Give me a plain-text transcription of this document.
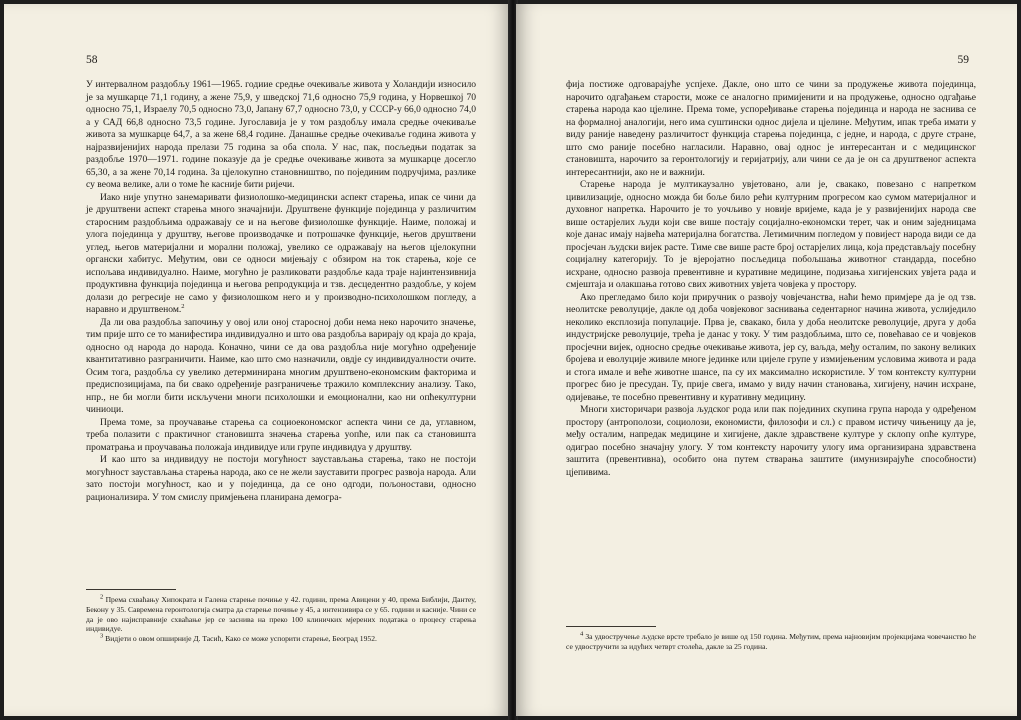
58

У интервалном раздобљу 1961—1965. годиие средње очекиваље живота у Холандији износило је за мушкарце 71,1 годину, а жене 75,9, у шведској 71,6 односно 75,9 година, у Норвешкој 70 односно 75,1, Израелу 70,5 односно 73,0, Јапану 67,7 односно 73,0, у СССР-у 66,0 односно 74,0 а у САД 66,8 односно 73,5 године. Југославија је у том раздобљу имала средње очекиваље живота за мушкарце 64,7, а за жене 68,4 године. Данашње средње очекиваље година живота у најразвијенијих народа прелази 75 година за оба спола. У нас, пак, посљедњи податак за раздобље 1970—1971. године показује да је средње очекивање живота за мушкарце досегло 65,30, а за жене 70,14 година. За цјелокупно становништво, по појединим подручјима, разлике су веома велике, али о томе ће касније бити ријечи.

Иако није упутно занемаривати физиолошко-медицински аспект старења, ипак се чини да је друштвени аспект старења много значајнији. Друштвене функције појединца у различитим старосним раздобљима одражавају се и на његове физиолошке функције. Наиме, положај и улога појединца у друштву, његове производачке и потрошачке функције, његов друштвени углед, његов материјални и морални положај, увелико се одражавају на његов цјелокупни органски хабитус. Међутим, ови се односи мијењају с обзиром на ток старења, које се испољава индивидуално. Наиме, могућно је разликовати раздобље када траје најинтензивнија продуктивна функција појединца и његова репродукција и тзв. десцедентно раздобље, у којем долази до регресије не само у физиолошком него и у производно-психолошком погледу, а наравно и друштвеном.$^2$

Да ли ова раздобља започињу у овој или оној старосној доби нема неко нарочито значење, тим прије што се то манифестира индивидуално и што ова раздобља варирају од краја до краја, односно од народа до народа. Коначно, чини се да ова раздобља није могућно одређеније квантитативно разграничити. Наиме, као што смо назначили, овдје су индивидуалности очите. Осим тога, раздобља су увелико детерминирана многим друштвено-економским факторима и предиспозицијама, па би свако одређеније разграничење тражило комплексниу анализу. Тако, нпр., не би могли бити искључени многи психолошки и емоционални, као ни опћекултурни чиниоци.

Према томе, за проучавање старења са социоекономског аспекта чини се да, углавном, треба полазити с практичног становишта значења старења уопће, или пак са становишта проматрања и проучавања положаја индивидуе или групе индивидуа у друштву.

И као што за индивидуу не постоји могућност заустављања старења, тако не постоји могућност заустављања старења народа, ако се не жели зауставити прогрес развоја народа. Али зато постоји могућност, као и у појединца, да се оно одгоди, пољоностави, односно рационализира. У том смислу примјењена планирана демогра-

2 Према схваћању Хипократа и Галена старење почиње у 42. години, према Авицени у 40, према Библији, Дантеу, Бекону у 35. Савремена геронтологија сматра да старење почиње у 45, а интензивира се у 65. години и касније. Чини се да је ово најисправније схваћање јер се заснива на преко 100 клиничких мјерених података о процесу старења индивидуе.

3 Видјети о овом опширније Д. Тасић, Како се може успорити старење, Београд 1952.

59

фија постиже одговарајуће успјехе. Дакле, оно што се чини за продужење живота појединца, нарочито одгађањем старости, може се аналогно примијенити и на продужење, односно одгађање старења народа као цјелине. Према томе, успоређивање старења појединца и народа не заснива се на формалној аналогији, него има суштински однос дијела и цјелине. Међутим, ипак треба имати у виду раније наведену различитост функција старења појединца, с једне, и народа, с друге стране, што смо раније посебно нагласили. Наравно, овај однос је интересантан и с медицинског становишта, нарочито за геронтологију и геријатрију, али чини се да је он са друштвеног аспекта интересантнији, ако не и важнији.

Старење народа је мултикаузално увјетовано, али је, свакако, повезано с напретком цивилизације, односно можда би боље било рећи културним прогресом као сумом материјалног и духовног напретка. Нарочито је то уочљиво у новије вријеме, када је у развијенијих народа све више остарјелих људи који све више постају социјално-економски терет, чак и оним заједницама које данас имају највећа материјална богатства. Летимичним погледом у повијест народа види се да просјечан људски вијек расте. Тиме све више расте број остарјелих лица, која представљају посебну социјалну категорију. То је вјеројатно посљедица побољшања животног стандарда, посебно исхране, односно развоја превентивне и куративне медицине, подизања хигијенских увјета рада и смјештаја и олакшања готово свих животних увјета човјека у простору.

Ако прегледамо било који приручник о развоју човјечанства, наћи ћемо примјере да је од тзв. неолитске револуције, дакле од доба човјековог заснивања седентарног начина живота, услиједило неколико експлозија популације. Прва је, свакако, била у доба неолитске револуције, друга у доба индустријске револуције, трећа је данас у току. У тим раздобљима, што се, повећавао се и човјеков просјечни вијек, односно средње очекивање живота, јер су, ваљда, међу осталим, по закону великих бројева и еволуције живиле многе јединке или цијеле групе у измијењеним условима живота и рада и стога имале и веће животне шансе, па су их максимално искористиле. У том контексту културни прогрес био је пресудан. Ту, прије свега, имамо у виду начин становања, хигијену, начин исхране, одијевање, те посебно превентивну и куративну медицину.

Многи хисторичари развоја људског рода или пак појединих скупина група народа у одређеном простору (антрополози, социолози, економисти, филозофи и сл.) с правом истичу чињеницу да је, међу осталим, напредак медицине и хигијене, дакле здравствене културе у склопу опће културе, одиграо посебно значајну улогу. У том контексту нарочиту улогу има организирана здравствена заштита (превентивна), особито она путем стварања заштите (имунизирајуће способности) цјепивима.

4 За удвостручење људске врсте требало је више од 150 година. Међутим, према најновијим пројекцијама човечанство ће се удвостручити за идућих четврт столећа, дакле за 25 година.
